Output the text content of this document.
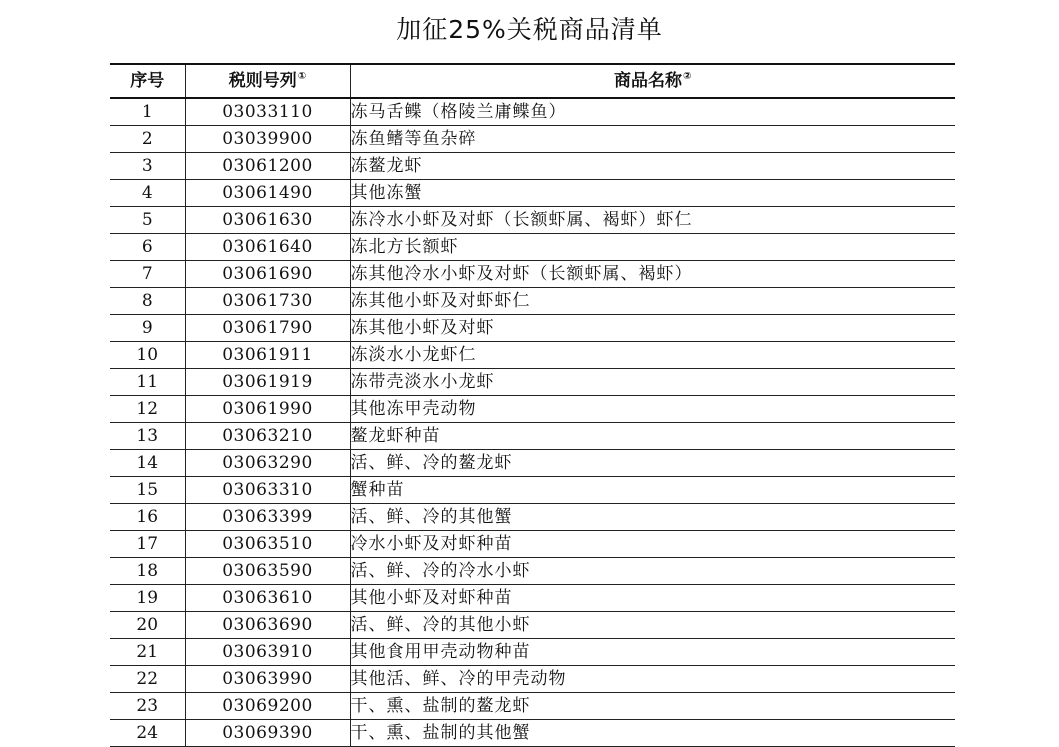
加征25%关税商品清单
序号	税则号列①	商品名称②
1	03033110	冻马舌鲽（格陵兰庸鲽鱼）
2	03039900	冻鱼鳍等鱼杂碎
3	03061200	冻鳌龙虾
4	03061490	其他冻蟹
5	03061630	冻冷水小虾及对虾（长额虾属、褐虾）虾仁
6	03061640	冻北方长额虾
7	03061690	冻其他冷水小虾及对虾（长额虾属、褐虾）
8	03061730	冻其他小虾及对虾虾仁
9	03061790	冻其他小虾及对虾
10	03061911	冻淡水小龙虾仁
11	03061919	冻带壳淡水小龙虾
12	03061990	其他冻甲壳动物
13	03063210	鳌龙虾种苗
14	03063290	活、鲜、冷的鳌龙虾
15	03063310	蟹种苗
16	03063399	活、鲜、冷的其他蟹
17	03063510	冷水小虾及对虾种苗
18	03063590	活、鲜、冷的冷水小虾
19	03063610	其他小虾及对虾种苗
20	03063690	活、鲜、冷的其他小虾
21	03063910	其他食用甲壳动物种苗
22	03063990	其他活、鲜、冷的甲壳动物
23	03069200	干、熏、盐制的鳌龙虾
24	03069390	干、熏、盐制的其他蟹
